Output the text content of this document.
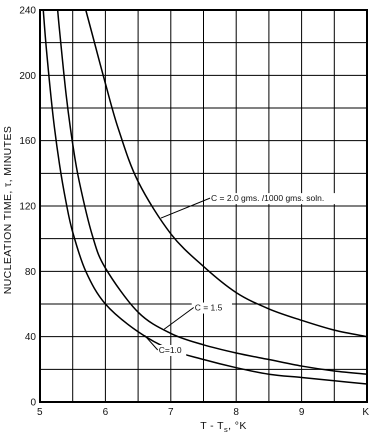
0
40
80
120
160
200
240
5	6	7	8	9	K
C = 2.0 gms. /1000 gms. soln.
C = 1.5
C=1.0
T - $T_s$, °K
NUCLEATION TIME, τ, MINUTES
